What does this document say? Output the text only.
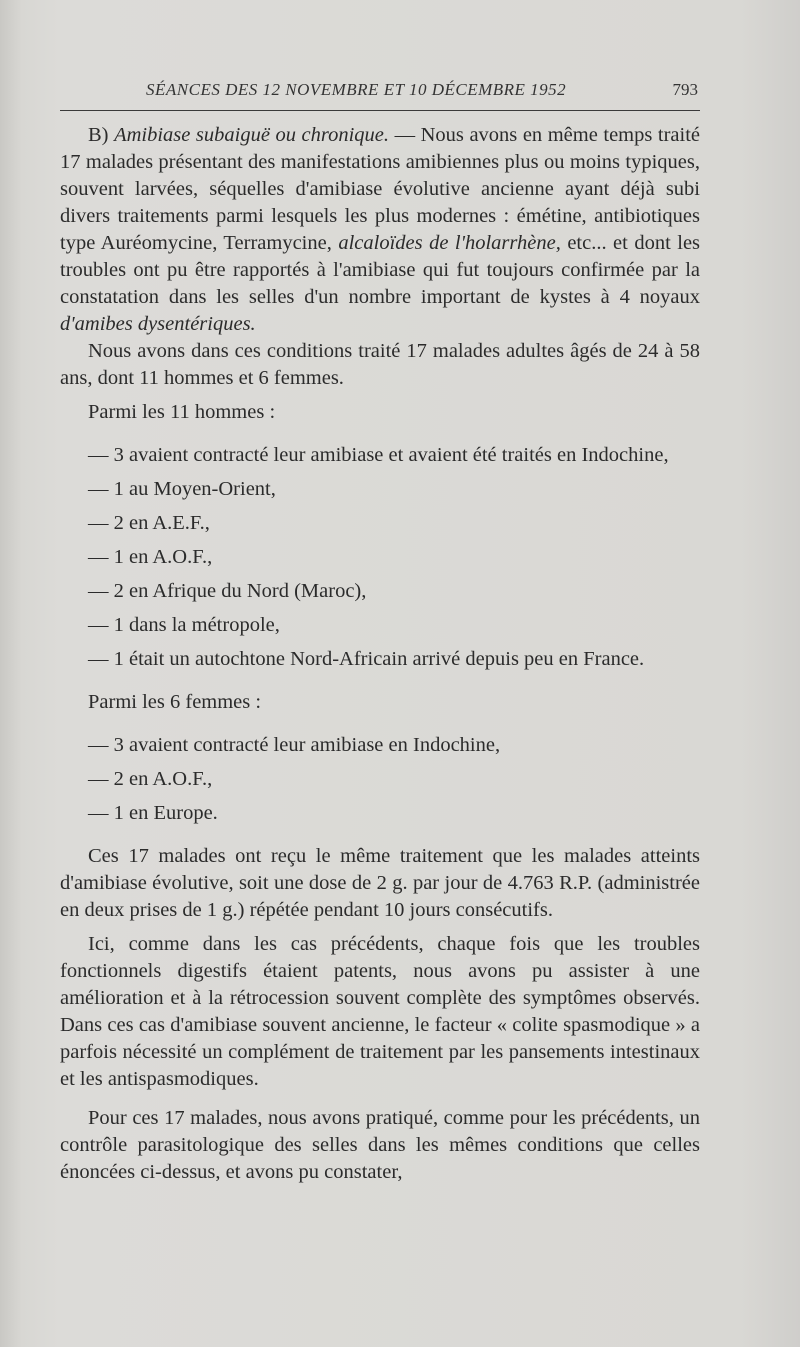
SÉANCES DES 12 NOVEMBRE ET 10 DÉCEMBRE 1952	793

B) Amibiase subaiguë ou chronique. — Nous avons en même temps traité 17 malades présentant des manifestations amibiennes plus ou moins typiques, souvent larvées, séquelles d'amibiase évolutive ancienne ayant déjà subi divers traitements parmi lesquels les plus modernes : émétine, antibiotiques type Auréomycine, Terramycine, alcaloïdes de l'holarrhène, etc... et dont les troubles ont pu être rapportés à l'amibiase qui fut toujours confirmée par la constatation dans les selles d'un nombre important de kystes à 4 noyaux d'amibes dysentériques.

Nous avons dans ces conditions traité 17 malades adultes âgés de 24 à 58 ans, dont 11 hommes et 6 femmes.

Parmi les 11 hommes :

— 3 avaient contracté leur amibiase et avaient été traités en Indochine,

— 1 au Moyen-Orient,

— 2 en A.E.F.,

— 1 en A.O.F.,

— 2 en Afrique du Nord (Maroc),

— 1 dans la métropole,

— 1 était un autochtone Nord-Africain arrivé depuis peu en France.

Parmi les 6 femmes :

— 3 avaient contracté leur amibiase en Indochine,

— 2 en A.O.F.,

— 1 en Europe.

Ces 17 malades ont reçu le même traitement que les malades atteints d'amibiase évolutive, soit une dose de 2 g. par jour de 4.763 R.P. (administrée en deux prises de 1 g.) répétée pendant 10 jours consécutifs.

Ici, comme dans les cas précédents, chaque fois que les troubles fonctionnels digestifs étaient patents, nous avons pu assister à une amélioration et à la rétrocession souvent complète des symptômes observés. Dans ces cas d'amibiase souvent ancienne, le facteur « colite spasmodique » a parfois nécessité un complément de traitement par les pansements intestinaux et les antispasmodiques.

Pour ces 17 malades, nous avons pratiqué, comme pour les précédents, un contrôle parasitologique des selles dans les mêmes conditions que celles énoncées ci-dessus, et avons pu constater,
